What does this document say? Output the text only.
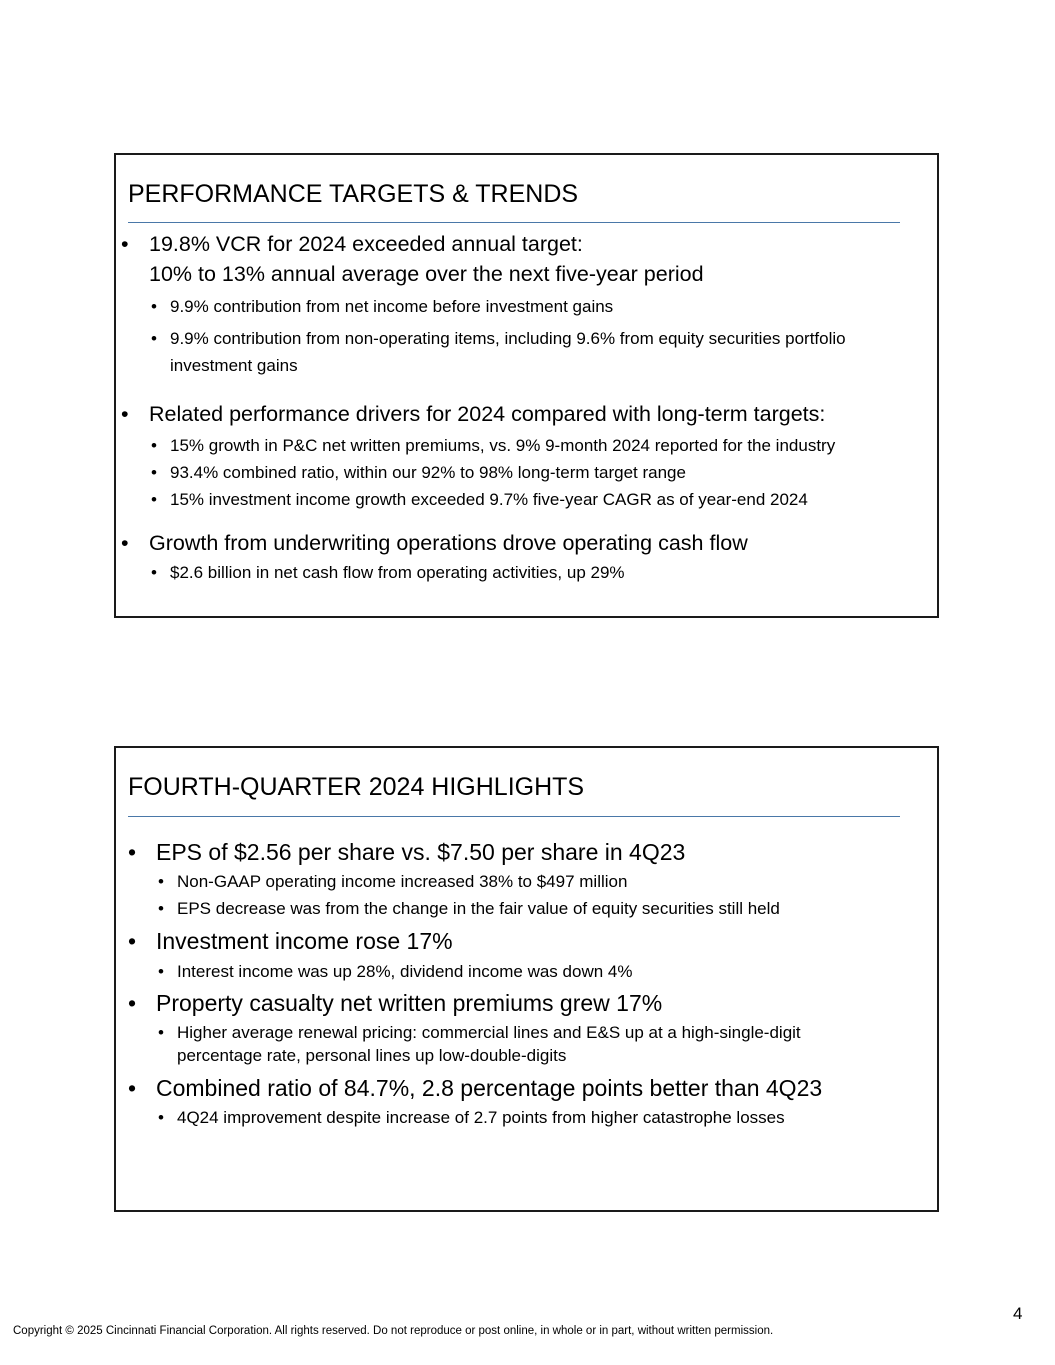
PERFORMANCE TARGETS & TRENDS
• 19.8% VCR for 2024 exceeded annual target:
10% to 13% annual average over the next five-year period
• 9.9% contribution from net income before investment gains
• 9.9% contribution from non-operating items, including 9.6% from equity securities portfolio
investment gains
• Related performance drivers for 2024 compared with long-term targets:
• 15% growth in P&C net written premiums, vs. 9% 9-month 2024 reported for the industry
• 93.4% combined ratio, within our 92% to 98% long-term target range
• 15% investment income growth exceeded 9.7% five-year CAGR as of year-end 2024
• Growth from underwriting operations drove operating cash flow
• $2.6 billion in net cash flow from operating activities, up 29%
FOURTH-QUARTER 2024 HIGHLIGHTS
• EPS of $2.56 per share vs. $7.50 per share in 4Q23
• Non-GAAP operating income increased 38% to $497 million
• EPS decrease was from the change in the fair value of equity securities still held
• Investment income rose 17%
• Interest income was up 28%, dividend income was down 4%
• Property casualty net written premiums grew 17%
• Higher average renewal pricing: commercial lines and E&S up at a high-single-digit
percentage rate, personal lines up low-double-digits
• Combined ratio of 84.7%, 2.8 percentage points better than 4Q23
• 4Q24 improvement despite increase of 2.7 points from higher catastrophe losses
4
Copyright © 2025 Cincinnati Financial Corporation. All rights reserved. Do not reproduce or post online, in whole or in part, without written permission.
